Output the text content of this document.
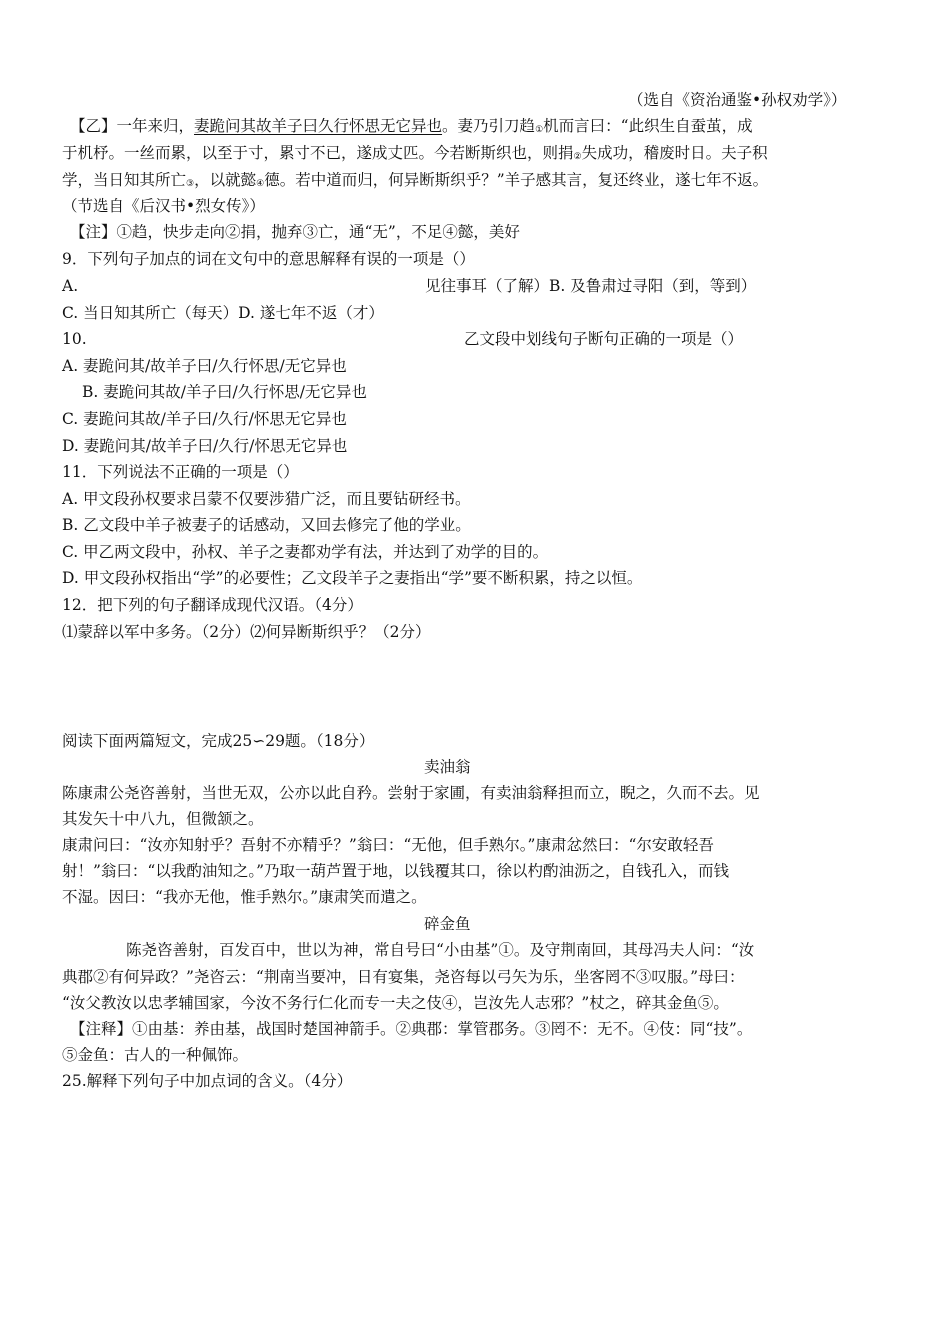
（选自《资治通鉴•孙权劝学》）
【乙】一年来归，妻跪问其故羊子曰久行怀思无它异也。妻乃引刀趋①机而言曰：“此织生自蚕茧，成
于机杼。一丝而累，以至于寸，累寸不已，遂成丈匹。今若断斯织也，则捐②失成功，稽废时日。夫子积
学，当日知其所亡③，以就懿④德。若中道而归，何异断斯织乎？”羊子感其言，复还终业，遂七年不返。
（节选自《后汉书•烈女传》）
【注】①趋，快步走向②捐，抛弃③亡，通“无”，不足④懿，美好
9．下列句子加点的词在文句中的意思解释有误的一项是（）
A.	见往事耳（了解）B. 及鲁肃过寻阳（到，等到）
C. 当日知其所亡（每天）D. 遂七年不返（才）
10.	乙文段中划线句子断句正确的一项是（）
A. 妻跪问其/故羊子曰/久行怀思/无它异也
B. 妻跪问其故/羊子曰/久行怀思/无它异也
C. 妻跪问其故/羊子曰/久行/怀思无它异也
D. 妻跪问其/故羊子曰/久行/怀思无它异也
11．下列说法不正确的一项是（）
A. 甲文段孙权要求吕蒙不仅要涉猎广泛，而且要钻研经书。
B. 乙文段中羊子被妻子的话感动，又回去修完了他的学业。
C. 甲乙两文段中，孙权、羊子之妻都劝学有法，并达到了劝学的目的。
D. 甲文段孙权指出“学”的必要性；乙文段羊子之妻指出“学”要不断积累，持之以恒。
12．把下列的句子翻译成现代汉语。（4分）
⑴蒙辞以军中多务。（2分）⑵何异断斯织乎？（2分）
阅读下面两篇短文，完成25∽29题。（18分）
卖油翁
陈康肃公尧咨善射，当世无双，公亦以此自矜。尝射于家圃，有卖油翁释担而立，睨之，久而不去。见
其发矢十中八九，但微颔之。
康肃问曰：“汝亦知射乎？吾射不亦精乎？”翁曰：“无他，但手熟尔。”康肃忿然曰：“尔安敢轻吾
射！”翁曰：“以我酌油知之。”乃取一葫芦置于地，以钱覆其口，徐以杓酌油沥之，自钱孔入，而钱
不湿。因曰：“我亦无他，惟手熟尔。”康肃笑而遣之。
碎金鱼
陈尧咨善射，百发百中，世以为神，常自号曰“小由基”①。及守荆南回，其母冯夫人问：“汝
典郡②有何异政？”尧咨云：“荆南当要冲，日有宴集，尧咨每以弓矢为乐，坐客罔不③叹服。”母曰：
“汝父教汝以忠孝辅国家，今汝不务行仁化而专一夫之伎④，岂汝先人志邪？”杖之，碎其金鱼⑤。
【注释】①由基：养由基，战国时楚国神箭手。②典郡：掌管郡务。③罔不：无不。④伎：同“技”。
⑤金鱼：古人的一种佩饰。
25.解释下列句子中加点词的含义。（4分）
